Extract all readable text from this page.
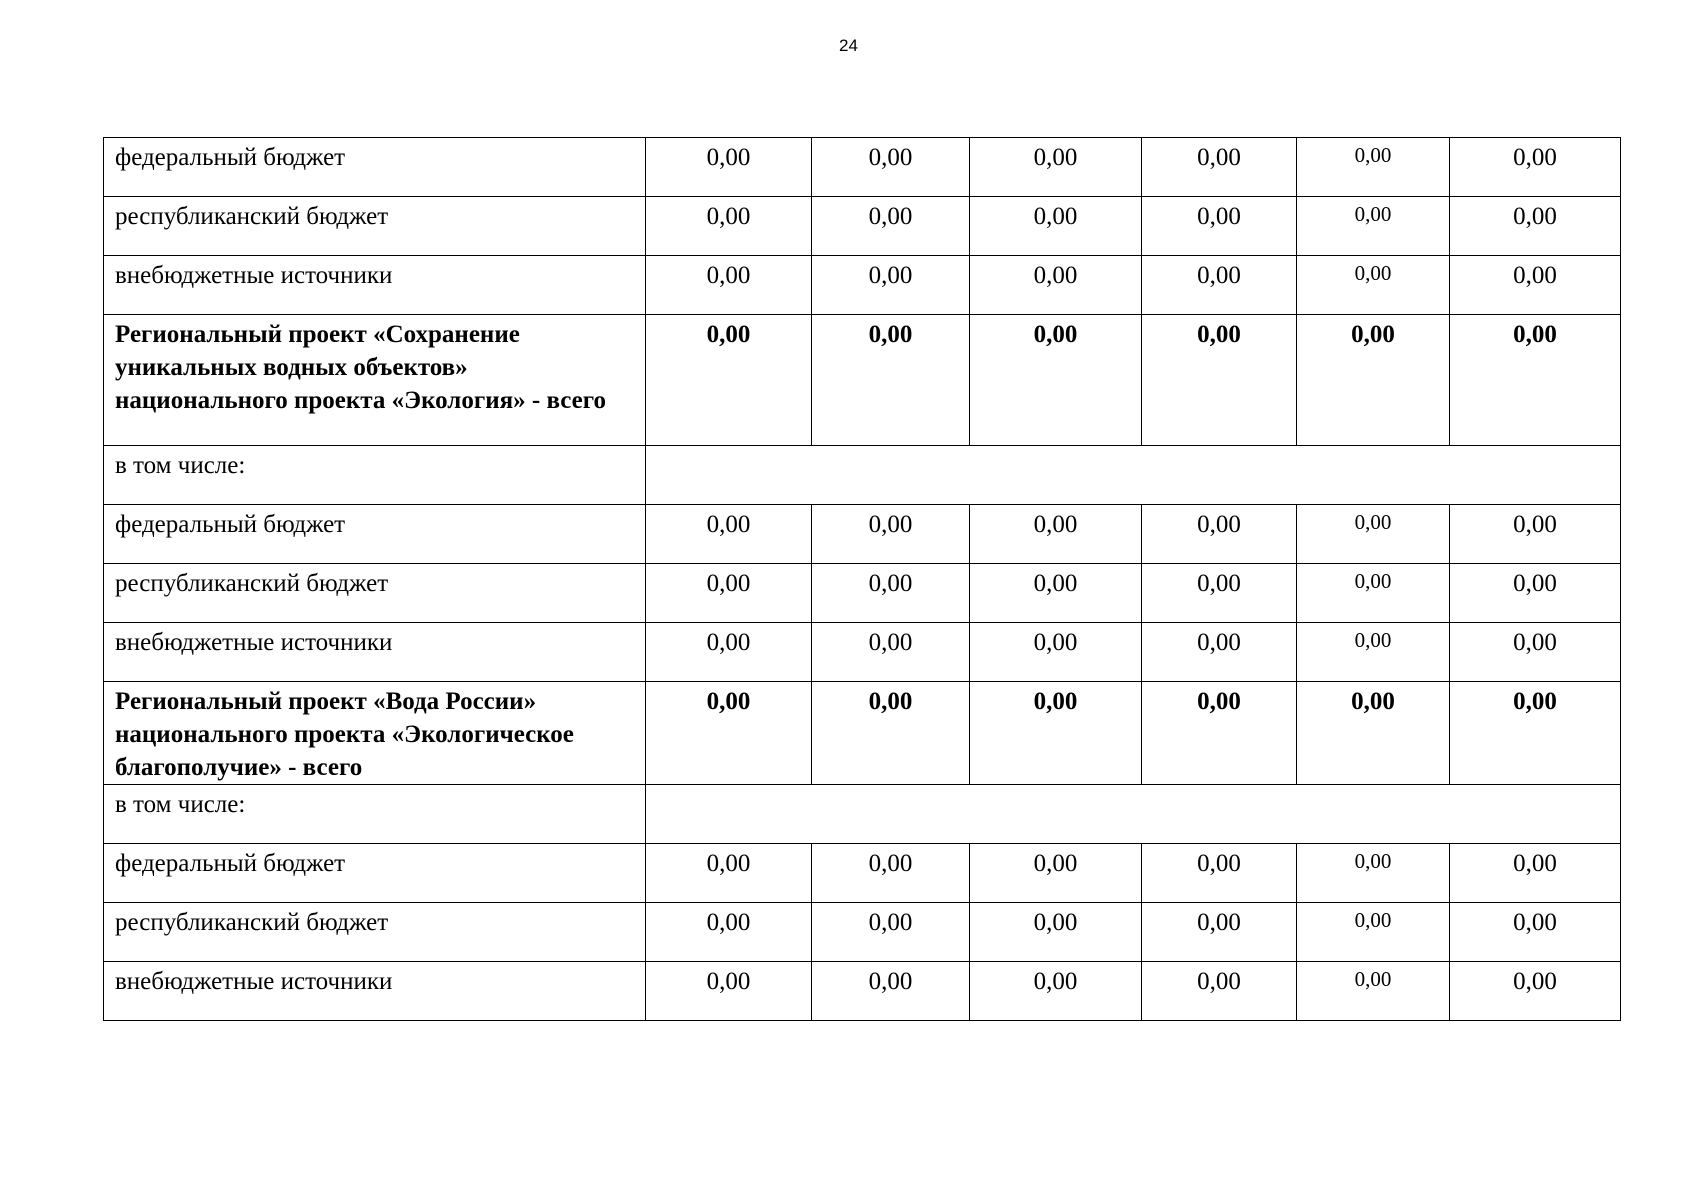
24
федеральный бюджет	0,00	0,00	0,00	0,00	0,00	0,00
республиканский бюджет	0,00	0,00	0,00	0,00	0,00	0,00
внебюджетные источники	0,00	0,00	0,00	0,00	0,00	0,00
Региональный проект «Сохранение уникальных водных объектов» национального проекта «Экология» - всего	0,00	0,00	0,00	0,00	0,00	0,00
в том числе:						
федеральный бюджет	0,00	0,00	0,00	0,00	0,00	0,00
республиканский бюджет	0,00	0,00	0,00	0,00	0,00	0,00
внебюджетные источники	0,00	0,00	0,00	0,00	0,00	0,00
Региональный проект «Вода России» национального проекта «Экологическое благополучие» - всего	0,00	0,00	0,00	0,00	0,00	0,00
в том числе:						
федеральный бюджет	0,00	0,00	0,00	0,00	0,00	0,00
республиканский бюджет	0,00	0,00	0,00	0,00	0,00	0,00
внебюджетные источники	0,00	0,00	0,00	0,00	0,00	0,00
